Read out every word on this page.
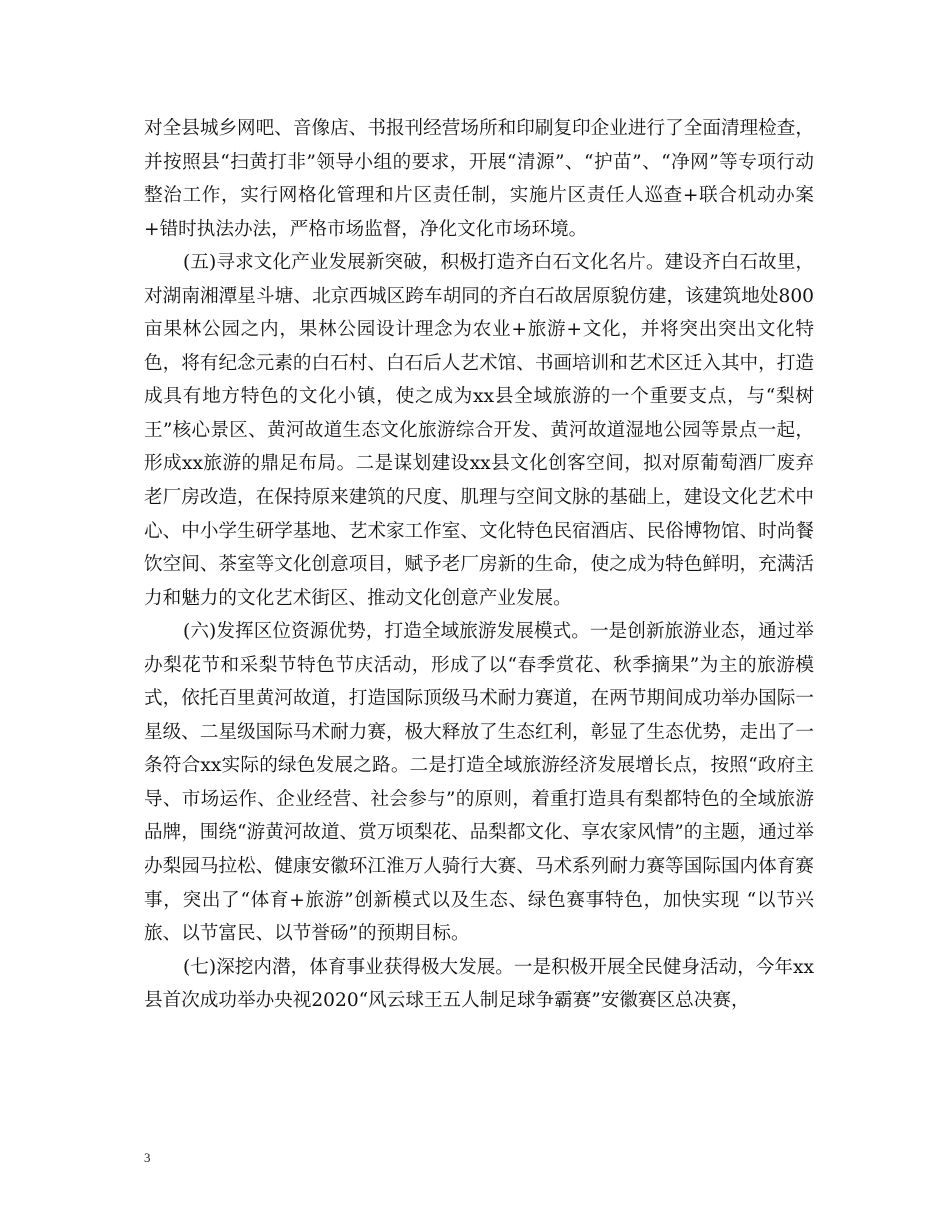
对全县城乡网吧、音像店、书报刊经营场所和印刷复印企业进行了全面清理检查，并按照县“扫黄打非”领导小组的要求，开展“清源”、“护苗”、“净网”等专项行动整治工作，实行网格化管理和片区责任制，实施片区责任人巡查+联合机动办案+错时执法办法，严格市场监督，净化文化市场环境。

(五)寻求文化产业发展新突破，积极打造齐白石文化名片。建设齐白石故里，对湖南湘潭星斗塘、北京西城区跨车胡同的齐白石故居原貌仿建，该建筑地处800亩果林公园之内，果林公园设计理念为农业+旅游+文化，并将突出突出文化特色，将有纪念元素的白石村、白石后人艺术馆、书画培训和艺术区迁入其中，打造成具有地方特色的文化小镇，使之成为xx县全域旅游的一个重要支点，与“梨树王”核心景区、黄河故道生态文化旅游综合开发、黄河故道湿地公园等景点一起，形成xx旅游的鼎足布局。二是谋划建设xx县文化创客空间，拟对原葡萄酒厂废弃老厂房改造，在保持原来建筑的尺度、肌理与空间文脉的基础上，建设文化艺术中心、中小学生研学基地、艺术家工作室、文化特色民宿酒店、民俗博物馆、时尚餐饮空间、茶室等文化创意项目，赋予老厂房新的生命，使之成为特色鲜明，充满活力和魅力的文化艺术街区、推动文化创意产业发展。

(六)发挥区位资源优势，打造全域旅游发展模式。一是创新旅游业态，通过举办梨花节和采梨节特色节庆活动，形成了以“春季赏花、秋季摘果”为主的旅游模式，依托百里黄河故道，打造国际顶级马术耐力赛道，在两节期间成功举办国际一星级、二星级国际马术耐力赛，极大释放了生态红利，彰显了生态优势，走出了一条符合xx实际的绿色发展之路。二是打造全域旅游经济发展增长点，按照“政府主导、市场运作、企业经营、社会参与”的原则，着重打造具有梨都特色的全域旅游品牌，围绕“游黄河故道、赏万顷梨花、品梨都文化、享农家风情”的主题，通过举办梨园马拉松、健康安徽环江淮万人骑行大赛、马术系列耐力赛等国际国内体育赛事，突出了“体育+旅游”创新模式以及生态、绿色赛事特色，加快实现 “以节兴旅、以节富民、以节誉砀”的预期目标。

(七)深挖内潜，体育事业获得极大发展。一是积极开展全民健身活动，今年xx县首次成功举办央视2020“风云球王五人制足球争霸赛”安徽赛区总决赛，

3
